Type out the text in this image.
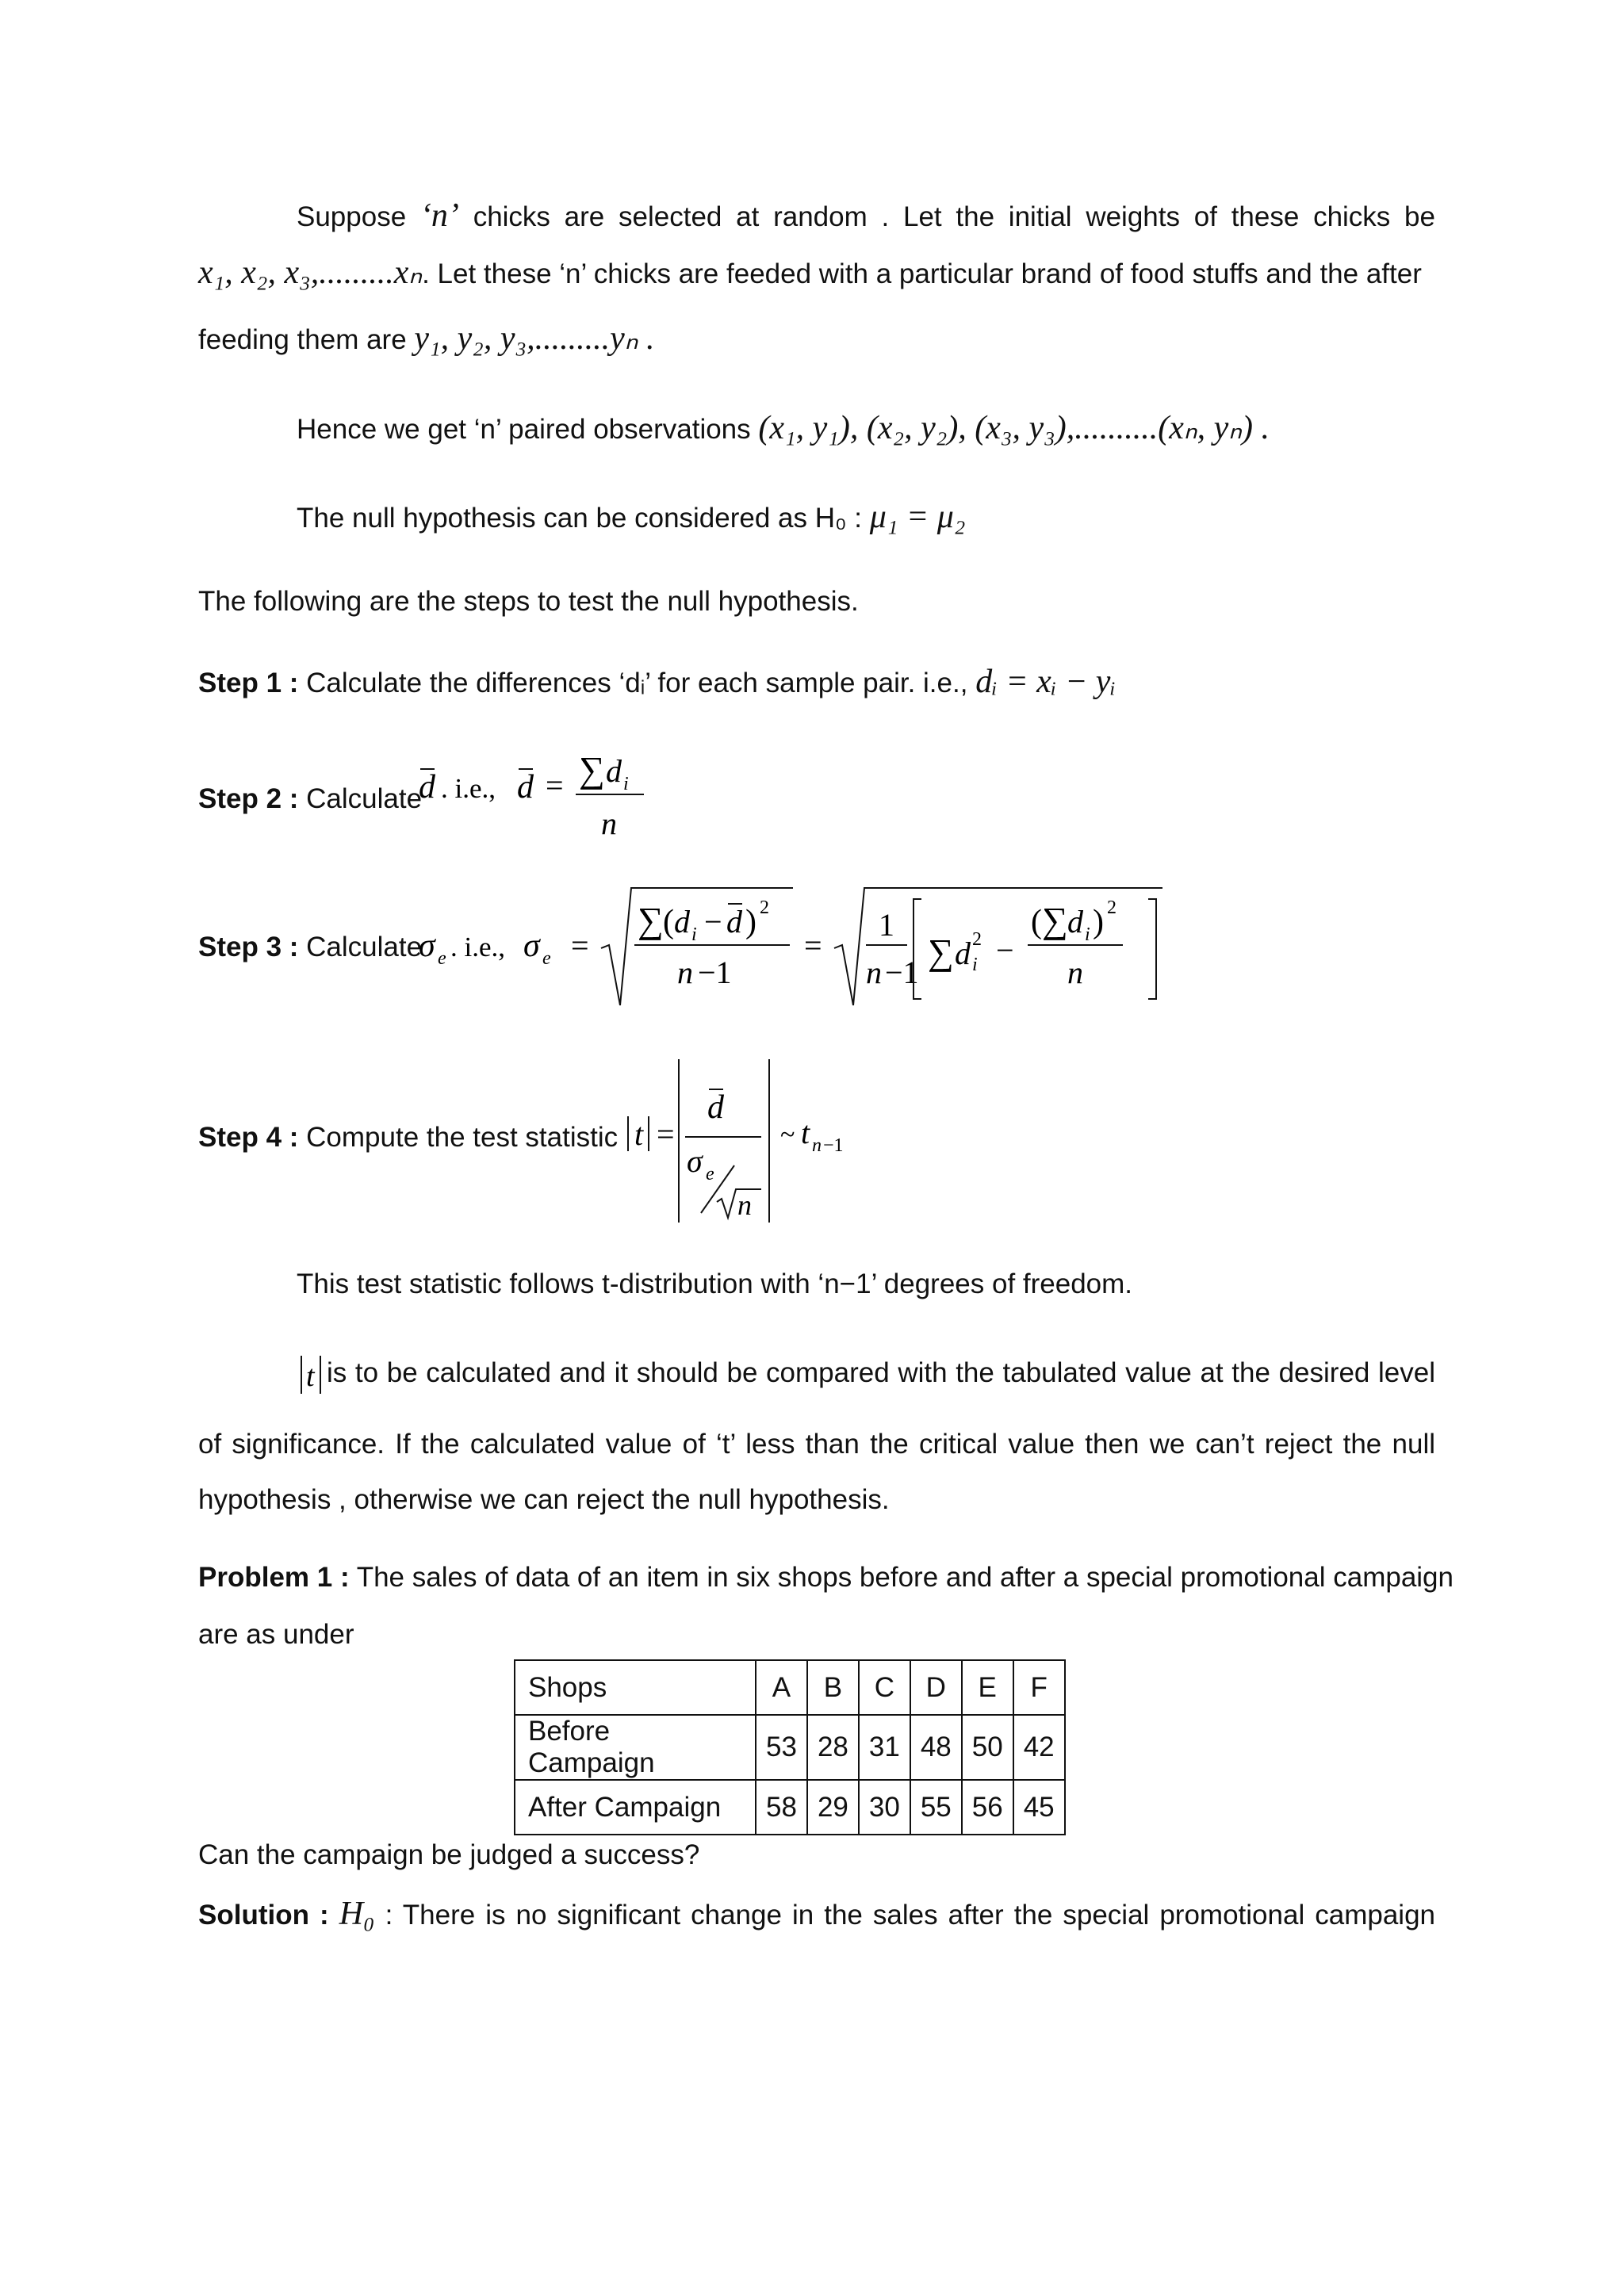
Suppose ‘n’ chicks are selected at random . Let the initial weights of these chicks be
x₁, x₂, x₃,.........xₙ. Let these ‘n’ chicks are feeded with a particular brand of food stuffs and the after
feeding them are y₁, y₂, y₃,.........yₙ .
Hence we get ‘n’ paired observations (x₁, y₁), (x₂, y₂), (x₃, y₃),..........(xₙ, yₙ) .
The null hypothesis can be considered as H₀ : μ₁ = μ₂
The following are the steps to test the null hypothesis.
Step 1 : Calculate the differences ‘dᵢ’ for each sample pair. i.e., dᵢ = xᵢ − yᵢ
Step 2 : Calculate
d . i.e., d = ∑ d i
n
Step 3 : Calculate
σ e . i.e., σ e =
∑ ( d i − d ) 2
n −1
=
1
n −1
∑ d 2
i −
( ∑ d i ) 2
n
Step 4 : Compute the test statistic t =
d
σ e
n
~ t n −1
This test statistic follows t-distribution with ‘n−1’ degrees of freedom.
t is to be calculated and it should be compared with the tabulated value at the desired level
of significance. If the calculated value of ‘t’ less than the critical value then we can’t reject the null
hypothesis , otherwise we can reject the null hypothesis.
Problem 1 : The sales of data of an item in six shops before and after a special promotional campaign
are as under
Shops	A	B	C	D	E	F
Before Campaign	53	28	31	48	50	42
After Campaign	58	29	30	55	56	45
Can the campaign be judged a success?
Solution : H₀ : There is no significant change in the sales after the special promotional campaign
